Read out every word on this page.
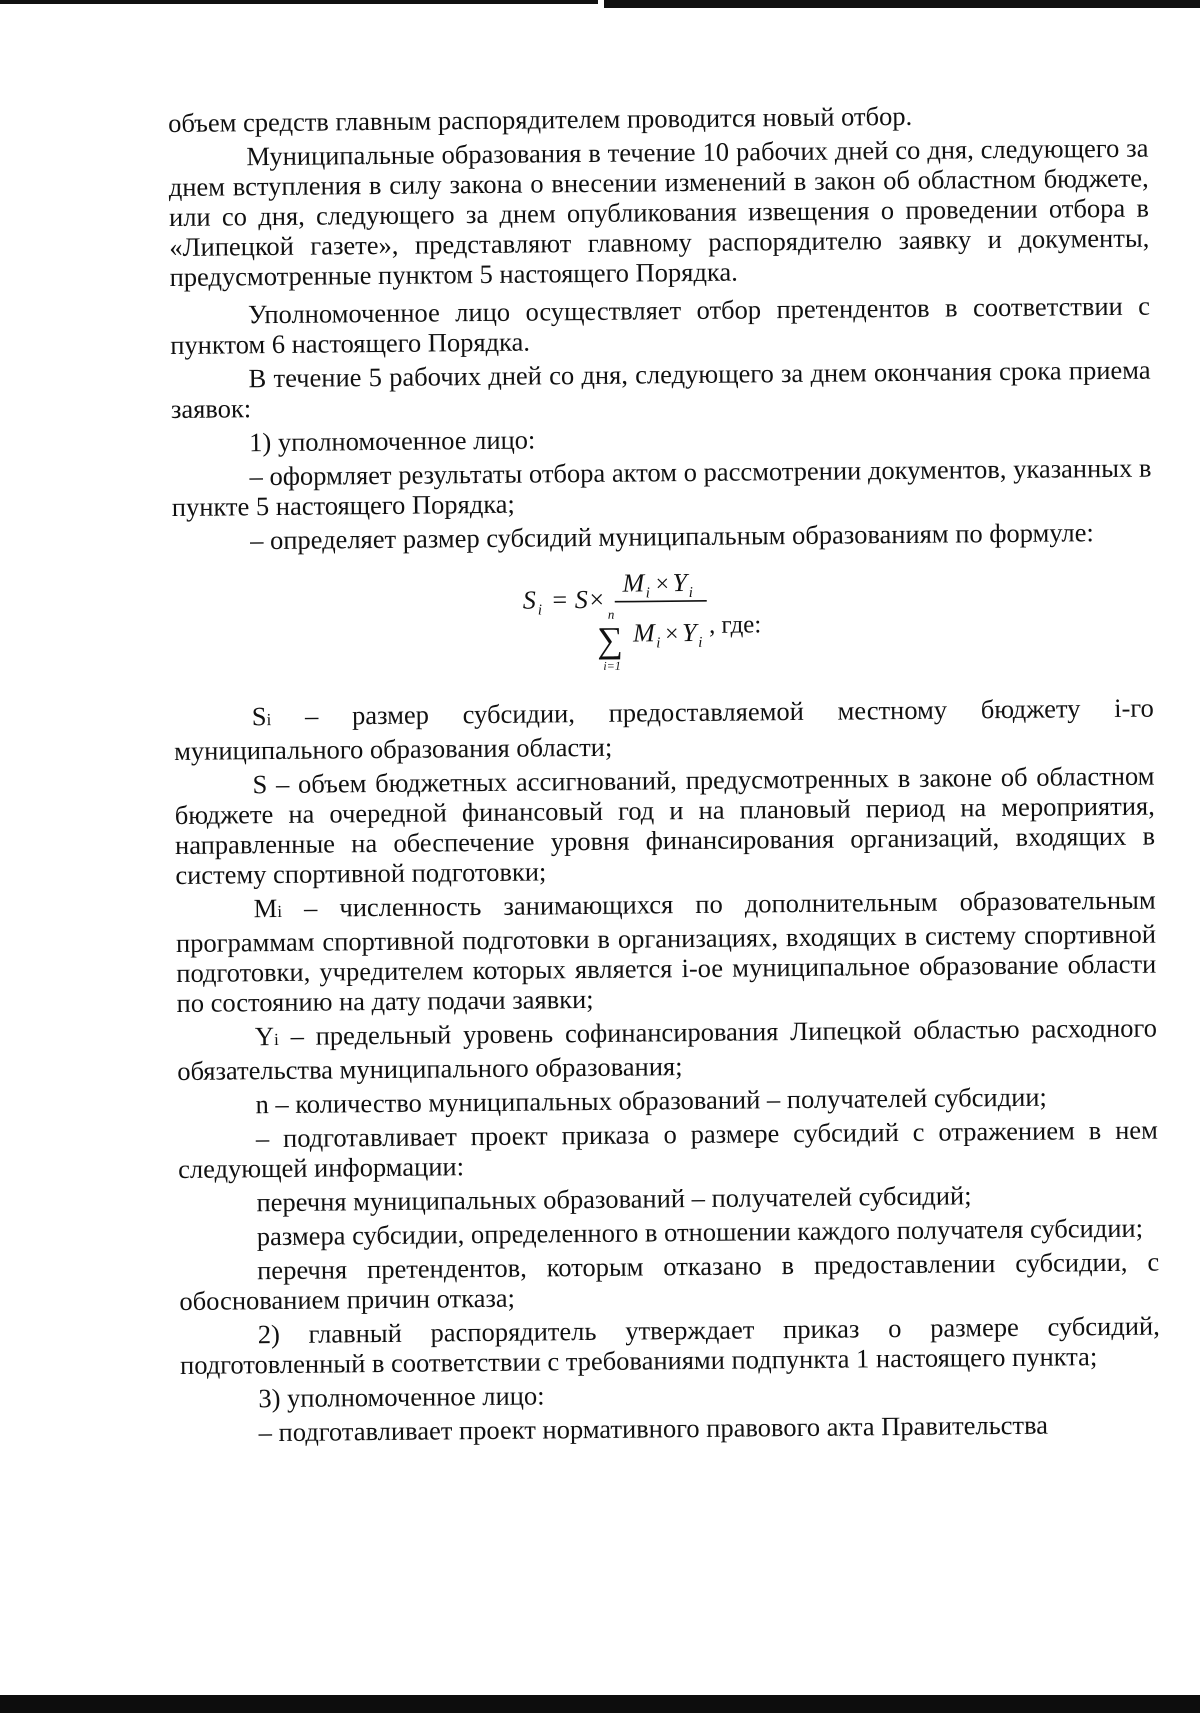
объем средств главным распорядителем проводится новый отбор.

Муниципальные образования в течение 10 рабочих дней со дня, следующего за днем вступления в силу закона о внесении изменений в закон об областном бюджете, или со дня, следующего за днем опубликования извещения о проведении отбора в «Липецкой газете», представляют главному распорядителю заявку и документы, предусмотренные пунктом 5 настоящего Порядка.

Уполномоченное лицо осуществляет отбор претендентов в соответствии с пунктом 6 настоящего Порядка.

В течение 5 рабочих дней со дня, следующего за днем окончания срока приема заявок:

1) уполномоченное лицо:

– оформляет результаты отбора актом о рассмотрении документов, указанных в пункте 5 настоящего Порядка;

– определяет размер субсидий муниципальным образованиям по формуле:

S i = S×
M i × Y i
n
∑
i=1
M i × Y i
, где:

Si – размер субсидии, предоставляемой местному бюджету i-го муниципального образования области;

S – объем бюджетных ассигнований, предусмотренных в законе об областном бюджете на очередной финансовый год и на плановый период на мероприятия, направленные на обеспечение уровня финансирования организаций, входящих в систему спортивной подготовки;

Mi – численность занимающихся по дополнительным образовательным программам спортивной подготовки в организациях, входящих в систему спортивной подготовки, учредителем которых является i-ое муниципальное образование области по состоянию на дату подачи заявки;

Yi – предельный уровень софинансирования Липецкой областью расходного обязательства муниципального образования;

n – количество муниципальных образований – получателей субсидии;

– подготавливает проект приказа о размере субсидий с отражением в нем следующей информации:

перечня муниципальных образований – получателей субсидий;

размера субсидии, определенного в отношении каждого получателя субсидии;

перечня претендентов, которым отказано в предоставлении субсидии, с обоснованием причин отказа;

2) главный распорядитель утверждает приказ о размере субсидий, подготовленный в соответствии с требованиями подпункта 1 настоящего пункта;

3) уполномоченное лицо:

– подготавливает проект нормативного правового акта Правительства
